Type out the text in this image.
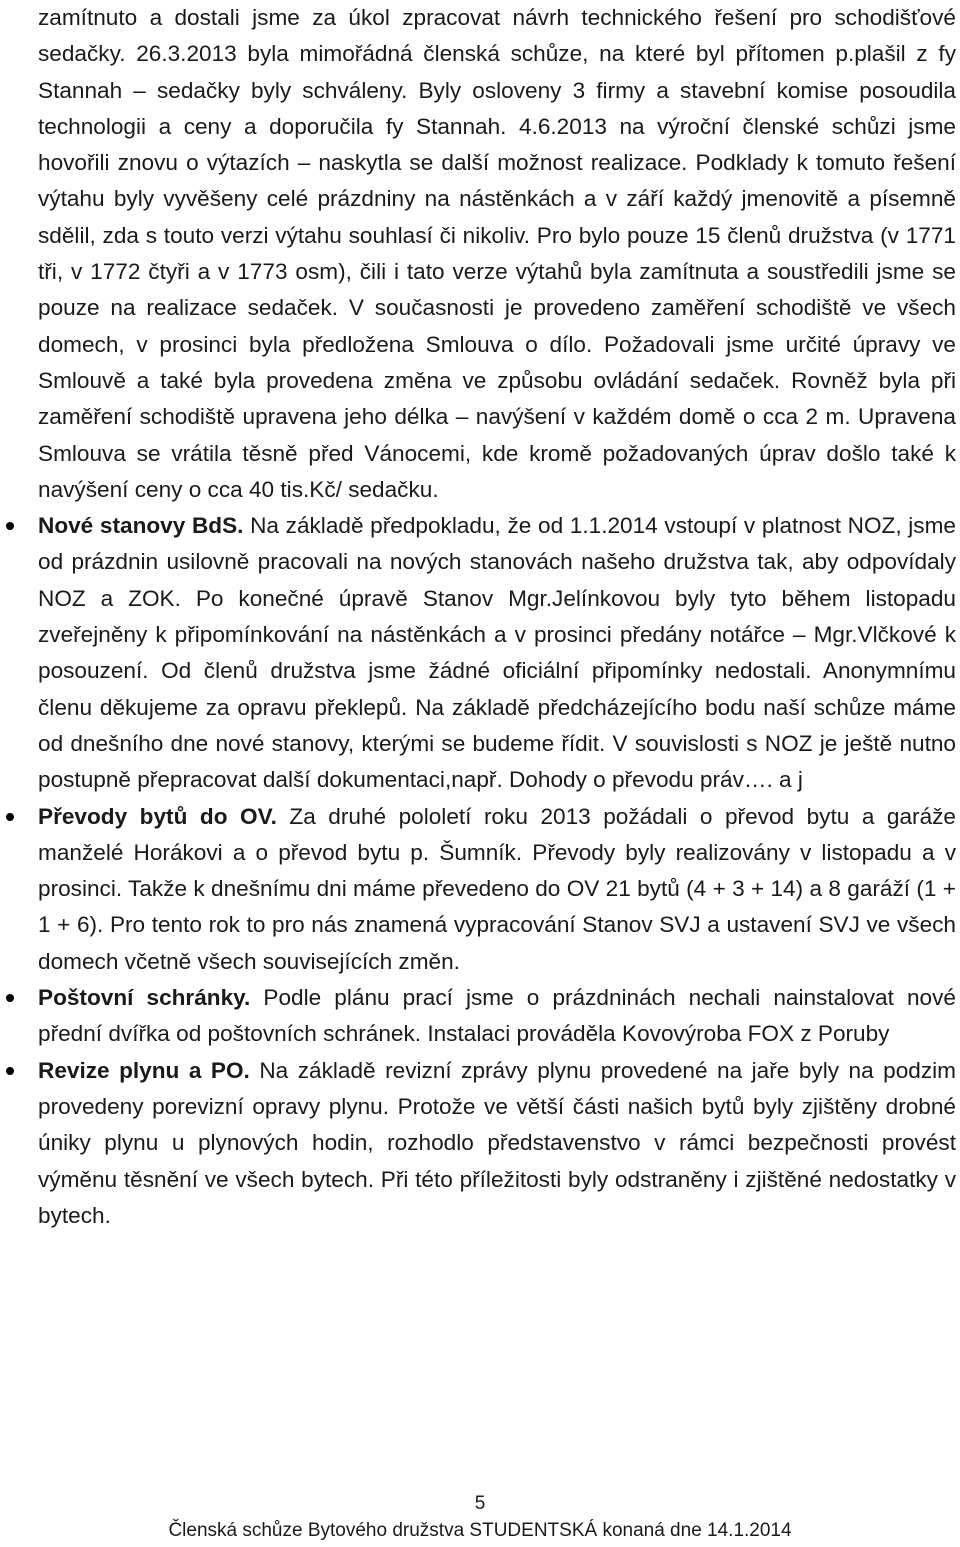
zamítnuto a dostali jsme za úkol zpracovat návrh technického řešení pro schodišťové sedačky. 26.3.2013 byla mimořádná členská schůze, na které byl přítomen p.plašil z fy Stannah – sedačky byly schváleny. Byly osloveny 3 firmy a stavební komise posoudila technologii a ceny a doporučila fy Stannah. 4.6.2013 na výroční členské schůzi jsme hovořili znovu o výtazích – naskytla se další možnost realizace. Podklady k tomuto řešení výtahu byly vyvěšeny celé prázdniny na nástěnkách a v září každý jmenovitě a písemně sdělil, zda s touto verzi výtahu souhlasí či nikoliv. Pro bylo pouze 15 členů družstva (v 1771 tři, v 1772 čtyři a v 1773 osm), čili i tato verze výtahů byla zamítnuta a soustředili jsme se pouze na realizace sedaček. V současnosti je provedeno zaměření schodiště ve všech domech, v prosinci byla předložena Smlouva o dílo. Požadovali jsme určité úpravy ve Smlouvě a také byla provedena změna ve způsobu ovládání sedaček. Rovněž byla při zaměření schodiště upravena jeho délka – navýšení v každém domě o cca 2 m. Upravena Smlouva se vrátila těsně před Vánocemi, kde kromě požadovaných úprav došlo také k navýšení ceny o cca 40 tis.Kč/ sedačku.

Nové stanovy BdS. Na základě předpokladu, že od 1.1.2014 vstoupí v platnost NOZ, jsme od prázdnin usilovně pracovali na nových stanovách našeho družstva tak, aby odpovídaly NOZ a ZOK. Po konečné úpravě Stanov Mgr.Jelínkovou byly tyto během listopadu zveřejněny k připomínkování na nástěnkách a v prosinci předány notářce – Mgr.Vlčkové k posouzení. Od členů družstva jsme žádné oficiální připomínky nedostali. Anonymnímu členu děkujeme za opravu překlepů. Na základě předcházejícího bodu naší schůze máme od dnešního dne nové stanovy, kterými se budeme řídit. V souvislosti s NOZ je ještě nutno postupně přepracovat další dokumentaci,např. Dohody o převodu práv…. a j

Převody bytů do OV. Za druhé pololetí roku 2013 požádali o převod bytu a garáže manželé Horákovi a o převod bytu p. Šumník. Převody byly realizovány v listopadu a v prosinci. Takže k dnešnímu dni máme převedeno do OV 21 bytů (4 + 3 + 14) a 8 garáží (1 + 1 + 6). Pro tento rok to pro nás znamená vypracování Stanov SVJ a ustavení SVJ ve všech domech včetně všech souvisejících změn.

Poštovní schránky. Podle plánu prací jsme o prázdninách nechali nainstalovat nové přední dvířka od poštovních schránek. Instalaci prováděla Kovovýroba FOX z Poruby

Revize plynu a PO. Na základě revizní zprávy plynu provedené na jaře byly na podzim provedeny porevizní opravy plynu. Protože ve větší části našich bytů byly zjištěny drobné úniky plynu u plynových hodin, rozhodlo představenstvo v rámci bezpečnosti provést výměnu těsnění ve všech bytech. Při této příležitosti byly odstraněny i zjištěné nedostatky v bytech.

5
Členská schůze Bytového družstva STUDENTSKÁ konaná dne 14.1.2014
